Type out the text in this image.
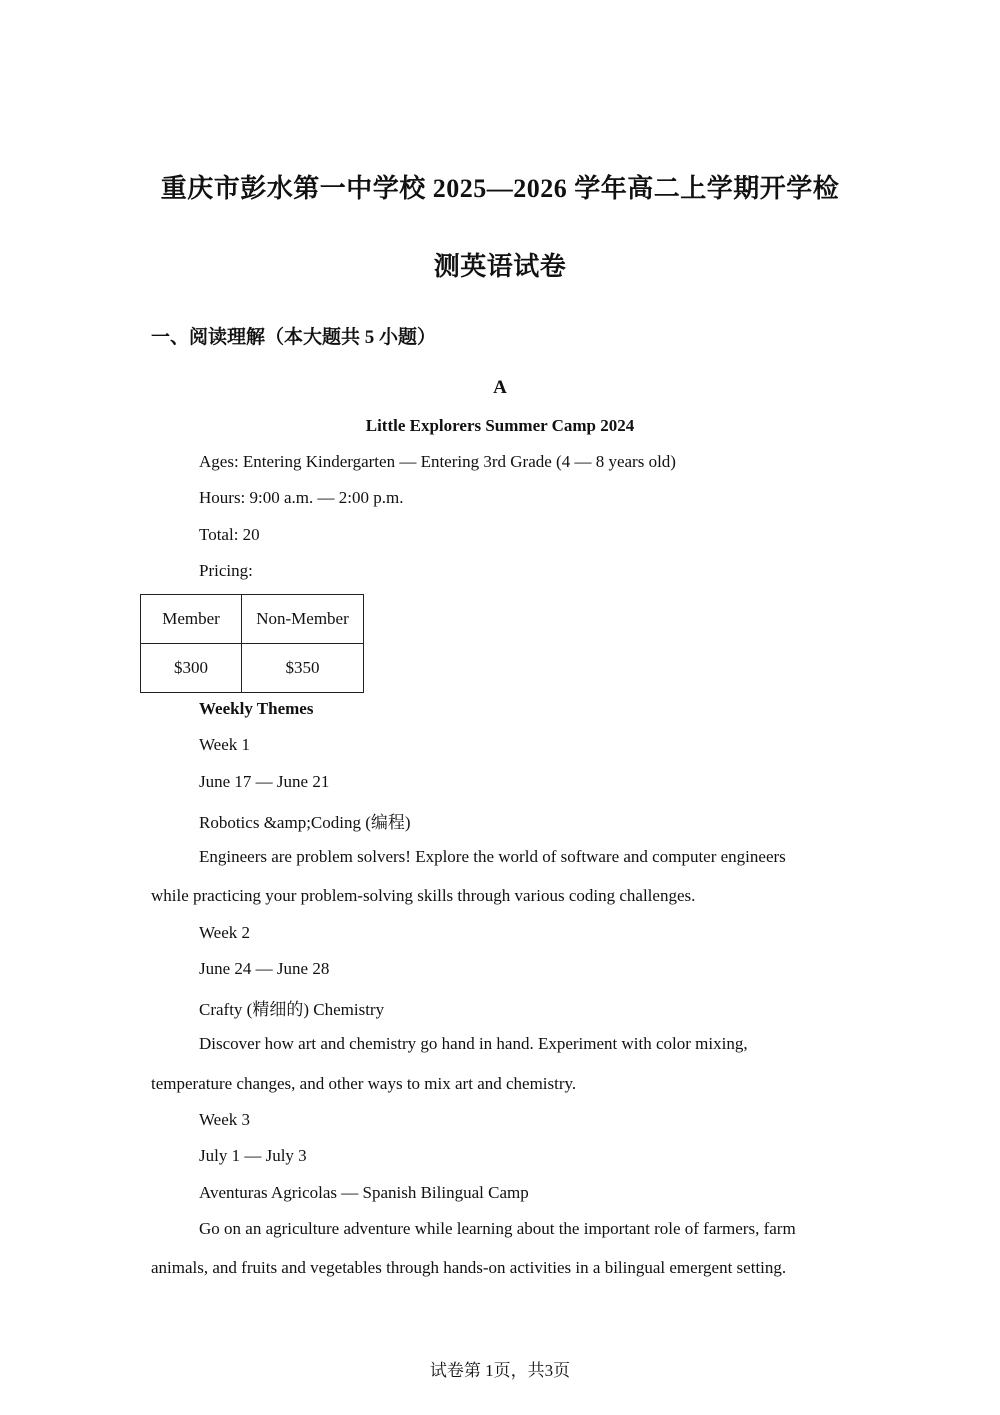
重庆市彭水第一中学校 2025—2026 学年高二上学期开学检
测英语试卷
一、阅读理解（本大题共 5 小题）
A
Little Explorers Summer Camp 2024
Ages: Entering Kindergarten — Entering 3rd Grade (4 — 8 years old)
Hours: 9:00 a.m. — 2:00 p.m.
Total: 20
Pricing:
Member	Non-Member
$300	$350
Weekly Themes
Week 1
June 17 — June 21
Robotics &amp;Coding (编程)
Engineers are problem solvers! Explore the world of software and computer engineers
while practicing your problem-solving skills through various coding challenges.
Week 2
June 24 — June 28
Crafty (精细的) Chemistry
Discover how art and chemistry go hand in hand. Experiment with color mixing,
temperature changes, and other ways to mix art and chemistry.
Week 3
July 1 — July 3
Aventuras Agricolas — Spanish Bilingual Camp
Go on an agriculture adventure while learning about the important role of farmers, farm
animals, and fruits and vegetables through hands-on activities in a bilingual emergent setting.
试卷第 1页，共3页
